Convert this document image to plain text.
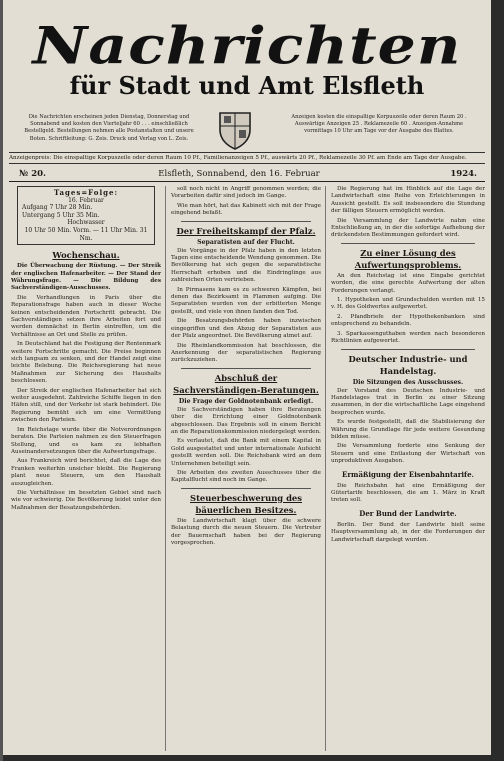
Nachrichten
für Stadt und Amt Elsfleth
Die Nachrichten erscheinen jeden Dienstag, Donnerstag und Sonnabend und kosten den Vierteljahr 60 . . . einschließlich Bestellgeld. Bestellungen nehmen alle Postanstalten und unsere Boten. Schriftleitung: G. Zeis. Druck und Verlag von L. Zeis.
Anzeigen kosten die einspaltige Korpuszeile oder deren Raum 20 . Auswärtige Anzeigen 25 . Reklamezeile 60 . Anzeigen-Annahme vormittags 10 Uhr am Tage vor der Ausgabe des Blattes.
Anzeigenpreis: Die einspaltige Korpuszeile oder deren Raum 10 Pf., Familienanzeigen 5 Pf., auswärts 20 Pf., Reklamezeile 30 Pf. am Ende am Tage der Ausgabe.
№ 20.	Elsfleth, Sonnabend, den 16. Februar	1924.
Tages=Folge:
16. Februar
Aufgang 7 Uhr 28 Min.
Untergang 5 Uhr 35 Min.
Hochwasser
10 Uhr 50 Min. Vorm. — 11 Uhr Min. 31 Nm.
Wochenschau.

Die Überwachung der Rüstung. — Der Streik der englischen Hafenarbeiter. — Der Stand der Währungsfrage. — Die Bildung des Sachverständigen-Ausschusses.

Die Verhandlungen in Paris über die Reparationsfrage haben auch in dieser Woche keinen entscheidenden Fortschritt gebracht. Die Sachverständigen setzen ihre Arbeiten fort und werden demnächst in Berlin eintreffen, um die Verhältnisse an Ort und Stelle zu prüfen.

In Deutschland hat die Festigung der Rentenmark weitere Fortschritte gemacht. Die Preise beginnen sich langsam zu senken, und der Handel zeigt eine leichte Belebung. Die Reichsregierung hat neue Maßnahmen zur Sicherung des Haushalts beschlossen.

Der Streik der englischen Hafenarbeiter hat sich weiter ausgedehnt. Zahlreiche Schiffe liegen in den Häfen still, und der Verkehr ist stark behindert. Die Regierung bemüht sich um eine Vermittlung zwischen den Parteien.

Im Reichstage wurde über die Notverordnungen beraten. Die Parteien nahmen zu den Steuerfragen Stellung, und es kam zu lebhaften Auseinandersetzungen über die Aufwertungsfrage.

Aus Frankreich wird berichtet, daß die Lage des Franken weiterhin unsicher bleibt. Die Regierung plant neue Steuern, um den Haushalt auszugleichen.

Die Verhältnisse im besetzten Gebiet sind nach wie vor schwierig. Die Bevölkerung leidet unter den Maßnahmen der Besatzungsbehörden.

soll noch nicht in Angriff genommen werden; die Vorarbeiten dafür sind jedoch im Gange.

Wie man hört, hat das Kabinett sich mit der Frage eingehend befaßt.

Der Freiheitskampf der Pfalz.
Separatisten auf der Flucht.

Die Vorgänge in der Pfalz haben in den letzten Tagen eine entscheidende Wendung genommen. Die Bevölkerung hat sich gegen die separatistische Herrschaft erhoben und die Eindringlinge aus zahlreichen Orten vertrieben.

In Pirmasens kam es zu schweren Kämpfen, bei denen das Bezirksamt in Flammen aufging. Die Separatisten wurden von der erbitterten Menge gestellt, und viele von ihnen fanden den Tod.

Die Besatzungsbehörden haben inzwischen eingegriffen und den Abzug der Separatisten aus der Pfalz angeordnet. Die Bevölkerung atmet auf.

Die Rheinlandkommission hat beschlossen, die Anerkennung der separatistischen Regierung zurückzuziehen.

Abschluß der Sachverständigen-Beratungen.
Die Frage der Goldnotenbank erledigt.

Die Sachverständigen haben ihre Beratungen über die Errichtung einer Goldnotenbank abgeschlossen. Das Ergebnis soll in einem Bericht an die Reparationskommission niedergelegt werden.

Es verlautet, daß die Bank mit einem Kapital in Gold ausgestattet und unter internationale Aufsicht gestellt werden soll. Die Reichsbank wird an dem Unternehmen beteiligt sein.

Die Arbeiten des zweiten Ausschusses über die Kapitalflucht sind noch im Gange.

Steuerbeschwerung des bäuerlichen Besitzes.

Die Landwirtschaft klagt über die schwere Belastung durch die neuen Steuern. Die Vertreter der Bauernschaft haben bei der Regierung vorgesprochen.

Die Regierung hat im Hinblick auf die Lage der Landwirtschaft eine Reihe von Erleichterungen in Aussicht gestellt. Es soll insbesondere die Stundung der fälligen Steuern ermöglicht werden.

Die Versammlung der Landwirte nahm eine Entschließung an, in der die sofortige Aufhebung der drückendsten Bestimmungen gefordert wird.

Zu einer Lösung des Aufwertungsproblems.

An den Reichstag ist eine Eingabe gerichtet worden, die eine gerechte Aufwertung der alten Forderungen verlangt.

1. Hypotheken und Grundschulden werden mit 15 v. H. des Goldwertes aufgewertet.

2. Pfandbriefe der Hypothekenbanken sind entsprechend zu behandeln.

3. Sparkassenguthaben werden nach besonderen Richtlinien aufgewertet.

Deutscher Industrie- und Handelstag.
Die Sitzungen des Ausschusses.

Der Vorstand des Deutschen Industrie- und Handelstages trat in Berlin zu einer Sitzung zusammen, in der die wirtschaftliche Lage eingehend besprochen wurde.

Es wurde festgestellt, daß die Stabilisierung der Währung die Grundlage für jede weitere Gesundung bilden müsse.

Die Versammlung forderte eine Senkung der Steuern und eine Entlastung der Wirtschaft von unproduktiven Ausgaben.

Ermäßigung der Eisenbahntarife.

Die Reichsbahn hat eine Ermäßigung der Gütertarife beschlossen, die am 1. März in Kraft treten soll.

Der Bund der Landwirte.

Berlin. Der Bund der Landwirte hielt seine Hauptversammlung ab, in der die Forderungen der Landwirtschaft dargelegt wurden.
